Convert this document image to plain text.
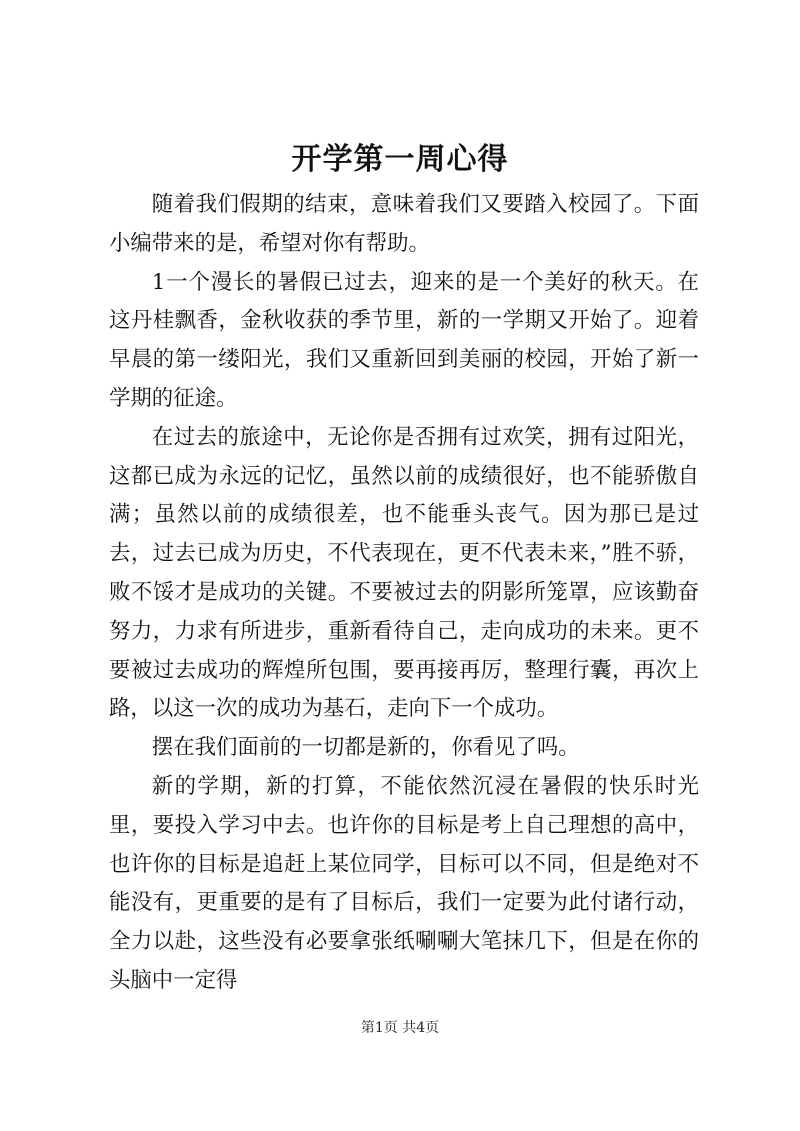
开学第一周心得

随着我们假期的结束，意味着我们又要踏入校园了。下面小编带来的是，希望对你有帮助。

1一个漫长的暑假已过去，迎来的是一个美好的秋天。在这丹桂飘香，金秋收获的季节里，新的一学期又开始了。迎着早晨的第一缕阳光，我们又重新回到美丽的校园，开始了新一学期的征途。

在过去的旅途中，无论你是否拥有过欢笑，拥有过阳光，这都已成为永远的记忆，虽然以前的成绩很好，也不能骄傲自满；虽然以前的成绩很差，也不能垂头丧气。因为那已是过去，过去已成为历史，不代表现在，更不代表未来，”胜不骄，败不馁才是成功的关键。不要被过去的阴影所笼罩，应该勤奋努力，力求有所进步，重新看待自己，走向成功的未来。更不要被过去成功的辉煌所包围，要再接再厉，整理行囊，再次上路，以这一次的成功为基石，走向下一个成功。

摆在我们面前的一切都是新的，你看见了吗。

新的学期，新的打算，不能依然沉浸在暑假的快乐时光里，要投入学习中去。也许你的目标是考上自己理想的高中，也许你的目标是追赶上某位同学，目标可以不同，但是绝对不能没有，更重要的是有了目标后，我们一定要为此付诸行动，全力以赴，这些没有必要拿张纸唰唰大笔抹几下，但是在你的头脑中一定得

第1页 共4页
